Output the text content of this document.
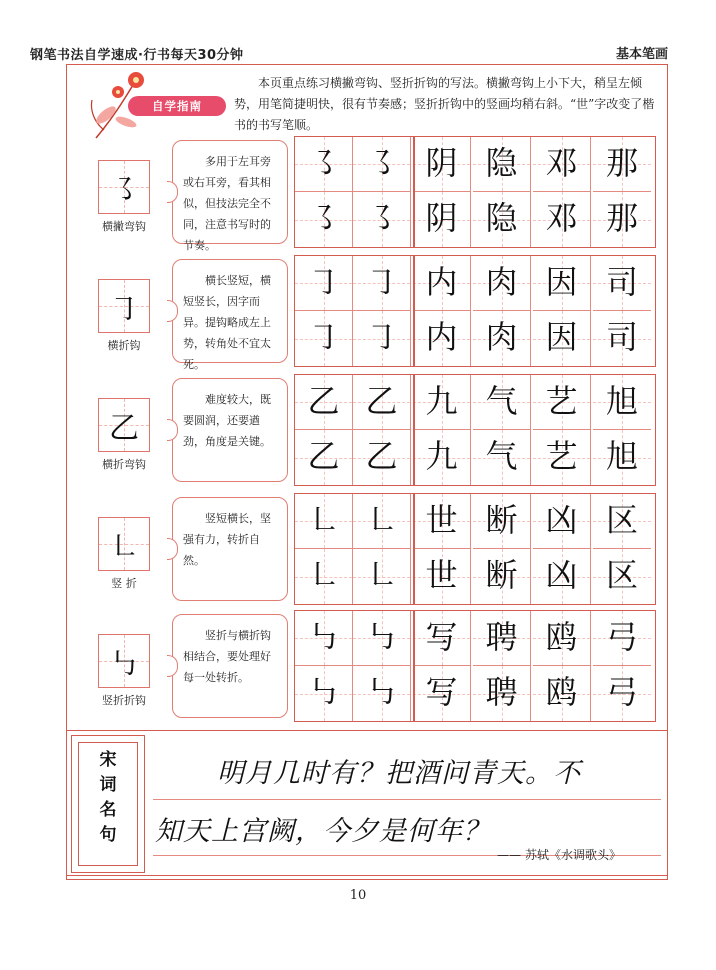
钢笔书法自学速成·行书每天30分钟	基本笔画
自学指南
本页重点练习横撇弯钩、竖折折钩的写法。横撇弯钩上小下大，稍呈左倾势，用笔简捷明快，很有节奏感；竖折折钩中的竖画均稍右斜。“世”字改变了楷书的书写笔顺。
㇌
横撇弯钩
多用于左耳旁或右耳旁，看其相似，但技法完全不同，注意书写时的节奏。
㇌ ㇌ 阴 隐 邓 那
㇌ ㇌ 阴 隐 邓 那
㇆
横折钩
横长竖短，横短竖长，因字而异。提钩略成左上势，转角处不宜太死。
㇆ ㇆ 内 肉 因 司
㇆ ㇆ 内 肉 因 司
乙
横折弯钩
难度较大，既要圆润，还要遒劲，角度是关键。
乙 乙 九 气 艺 旭
乙 乙 九 气 艺 旭
㇗
竖 折
竖短横长，坚强有力，转折自然。
㇗ ㇗ 世 断 凶 区
㇗ ㇗ 世 断 凶 区
㇉
竖折折钩
竖折与横折钩相结合，要处理好每一处转折。
㇉ ㇉ 写 聘 鸥 弓
㇉ ㇉ 写 聘 鸥 弓
宋
词
名
句
明月几时有？把酒问青天。不
知天上宫阙，今夕是何年？
—— 苏轼《水调歌头》
10
